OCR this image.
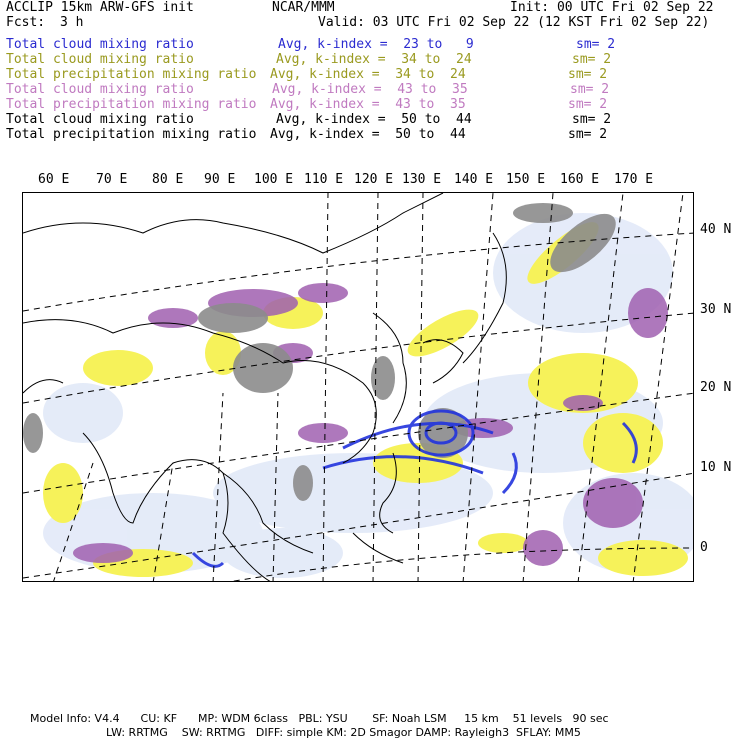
ACCLIP 15km ARW-GFS init	NCAR/MMM	Init: 00 UTC Fri 02 Sep 22
Fcst: 3 h	Valid: 03 UTC Fri 02 Sep 22 (12 KST Fri 02 Sep 22)
Total cloud mixing ratio	Avg, k-index =  23 to   9	sm= 2
Total cloud mixing ratio	Avg, k-index =  34 to  24	sm= 2
Total precipitation mixing ratio Avg, k-index =  34 to  24	sm= 2
Total cloud mixing ratio	Avg, k-index =  43 to  35	sm= 2
Total precipitation mixing ratio Avg, k-index =  43 to  35	sm= 2
Total cloud mixing ratio	Avg, k-index =  50 to  44	sm= 2
Total precipitation mixing ratio Avg, k-index =  50 to  44	sm= 2
60 E 70 E 80 E 90 E 100 E 110 E 120 E 130 E 140 E 150 E 160 E 170 E
40 N
30 N
20 N
10 N
0
Model Info: V4.4      CU: KF      MP: WDM 6class   PBL: YSU       SF: Noah LSM     15 km    51 levels   90 sec
LW: RRTMG    SW: RRTMG   DIFF: simple KM: 2D Smagor DAMP: Rayleigh3  SFLAY: MM5
